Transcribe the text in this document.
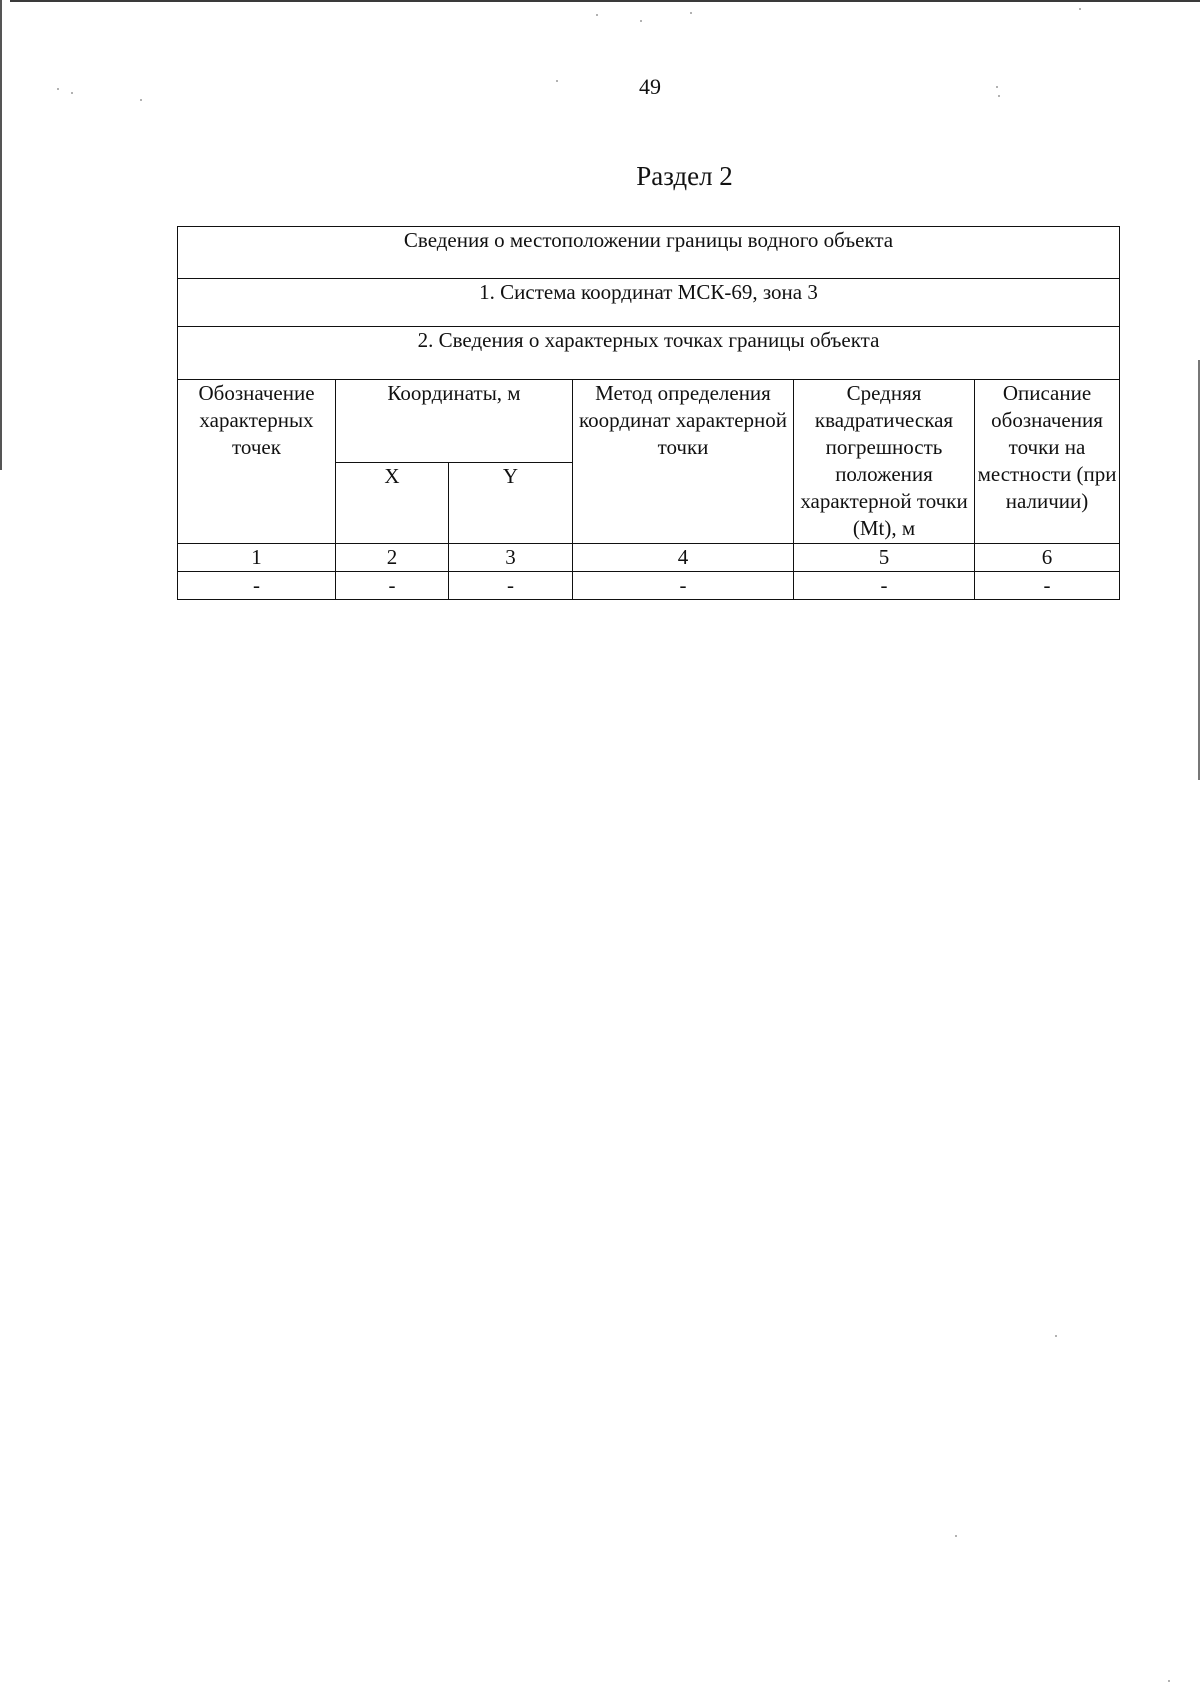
49
Раздел 2
Сведения о местоположении границы водного объекта					
1. Система координат МСК-69, зона 3					
2. Сведения о характерных точках границы объекта					
Обозначение характерных точек	Координаты, м		Метод определения координат характерной точки	Средняя квадратическая погрешность положения характерной точки (Mt), м	Описание обозначения точки на местности (при наличии)
	X	Y			
1	2	3	4	5	6
-	-	-	-	-	-
